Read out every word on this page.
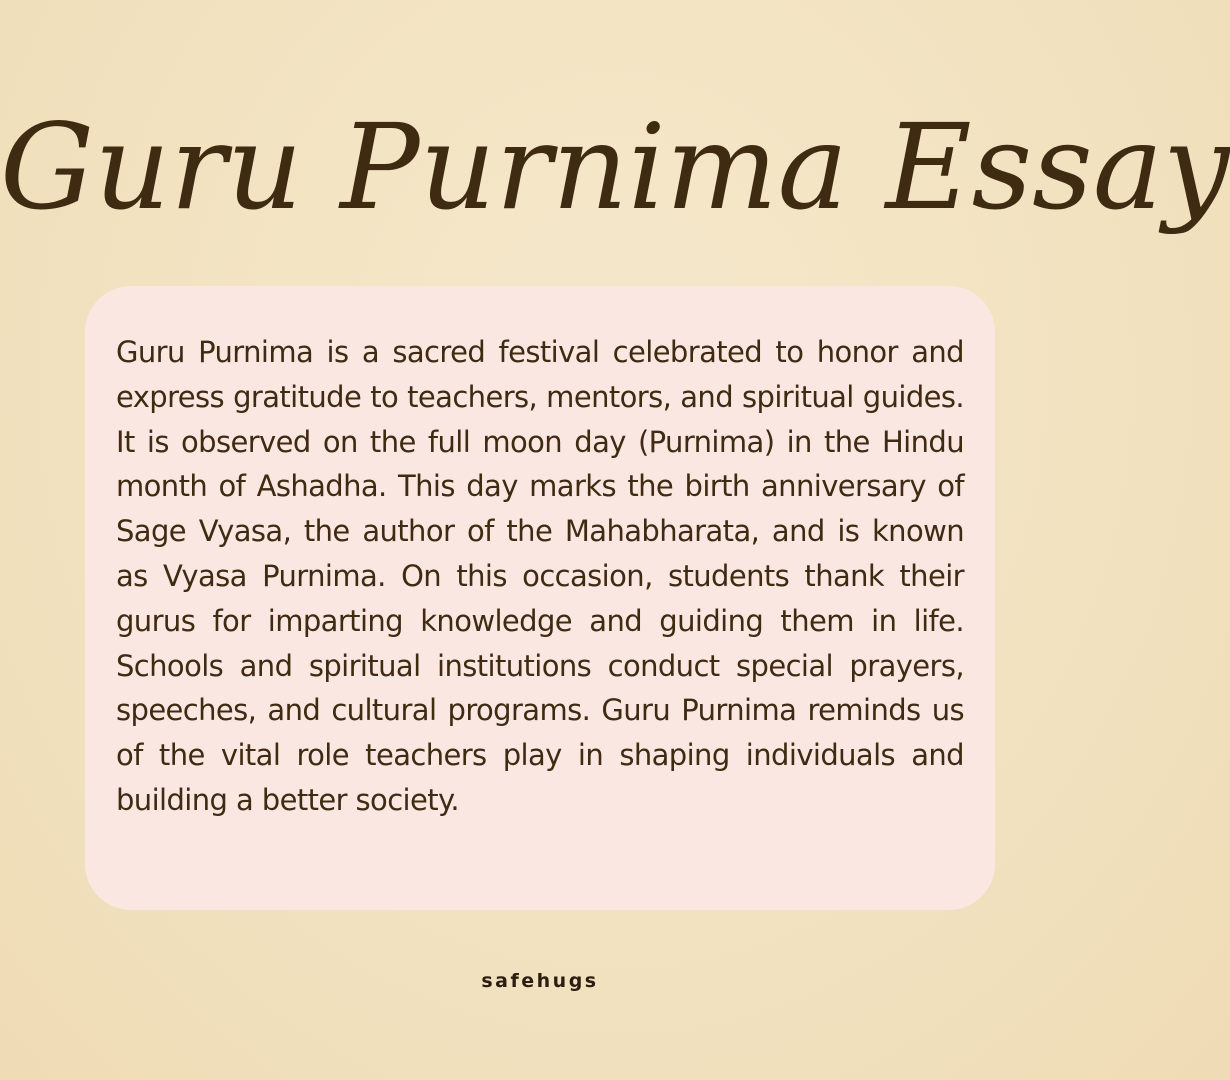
Guru Purnima Essay

Guru Purnima is a sacred festival celebrated to honor and express gratitude to teachers, mentors, and spiritual guides. It is observed on the full moon day (Purnima) in the Hindu month of Ashadha. This day marks the birth anniversary of Sage Vyasa, the author of the Mahabharata, and is known as Vyasa Purnima. On this occasion, students thank their gurus for imparting knowledge and guiding them in life. Schools and spiritual institutions conduct special prayers, speeches, and cultural programs. Guru Purnima reminds us of the vital role teachers play in shaping individuals and building a better society.

safehugs
